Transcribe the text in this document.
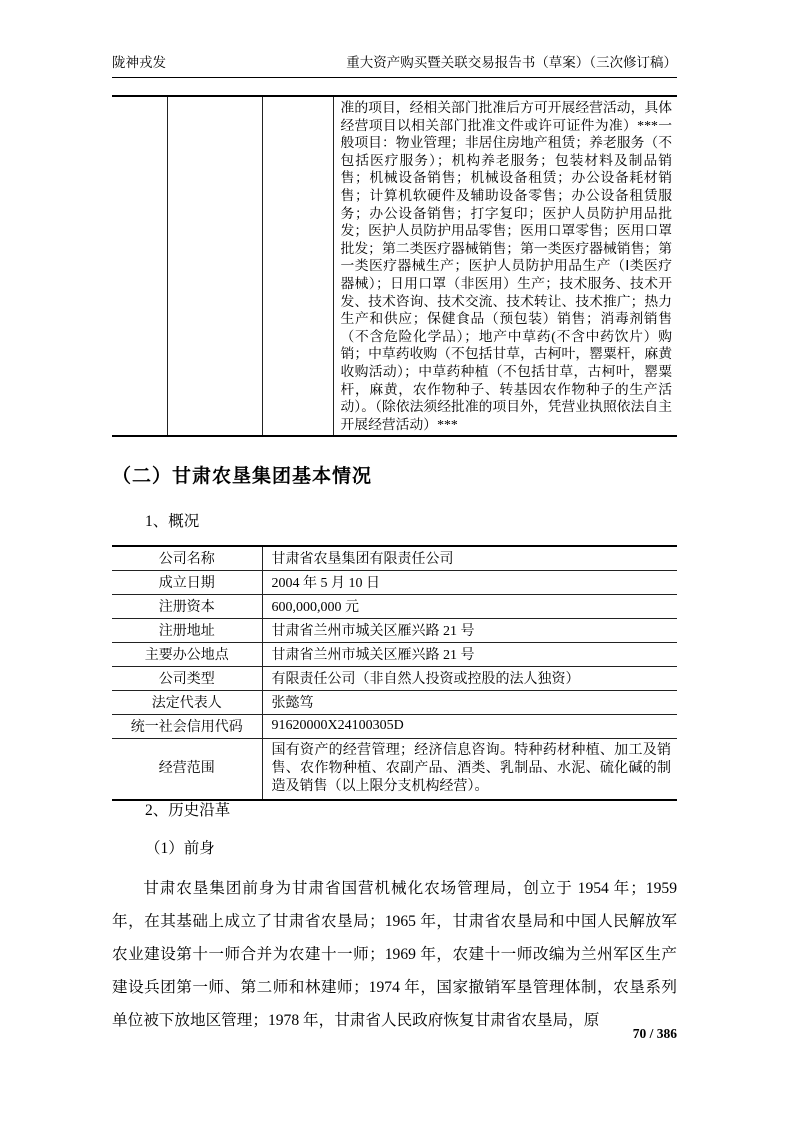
陇神戎发	重大资产购买暨关联交易报告书（草案）（三次修订稿）
			准的项目，经相关部门批准后方可开展经营活动，具体经营项目以相关部门批准文件或许可证件为准）***一般项目：物业管理；非居住房地产租赁；养老服务（不包括医疗服务）；机构养老服务；包装材料及制品销售；机械设备销售；机械设备租赁；办公设备耗材销售；计算机软硬件及辅助设备零售；办公设备租赁服务；办公设备销售；打字复印；医护人员防护用品批发；医护人员防护用品零售；医用口罩零售；医用口罩批发；第二类医疗器械销售；第一类医疗器械销售；第一类医疗器械生产；医护人员防护用品生产（Ⅰ类医疗器械）；日用口罩（非医用）生产；技术服务、技术开发、技术咨询、技术交流、技术转让、技术推广；热力生产和供应；保健食品（预包装）销售；消毒剂销售（不含危险化学品）；地产中草药(不含中药饮片）购销；中草药收购（不包括甘草，古柯叶，罂粟杆，麻黄收购活动）；中草药种植（不包括甘草，古柯叶，罂粟杆，麻黄，农作物种子、转基因农作物种子的生产活动）。（除依法须经批准的项目外，凭营业执照依法自主开展经营活动）***
（二）甘肃农垦集团基本情况
1、概况
公司名称	甘肃省农垦集团有限责任公司
成立日期	2004 年 5 月 10 日
注册资本	600,000,000 元
注册地址	甘肃省兰州市城关区雁兴路 21 号
主要办公地点	甘肃省兰州市城关区雁兴路 21 号
公司类型	有限责任公司（非自然人投资或控股的法人独资）
法定代表人	张懿笃
统一社会信用代码	91620000X24100305D
经营范围	国有资产的经营管理；经济信息咨询。特种药材种植、加工及销售、农作物种植、农副产品、酒类、乳制品、水泥、硫化碱的制造及销售（以上限分支机构经营）。
2、历史沿革
（1）前身
甘肃农垦集团前身为甘肃省国营机械化农场管理局，创立于 1954 年；1959年，在其基础上成立了甘肃省农垦局；1965 年，甘肃省农垦局和中国人民解放军农业建设第十一师合并为农建十一师；1969 年，农建十一师改编为兰州军区生产建设兵团第一师、第二师和林建师；1974 年，国家撤销军垦管理体制，农垦系列单位被下放地区管理；1978 年，甘肃省人民政府恢复甘肃省农垦局，原
70 / 386
